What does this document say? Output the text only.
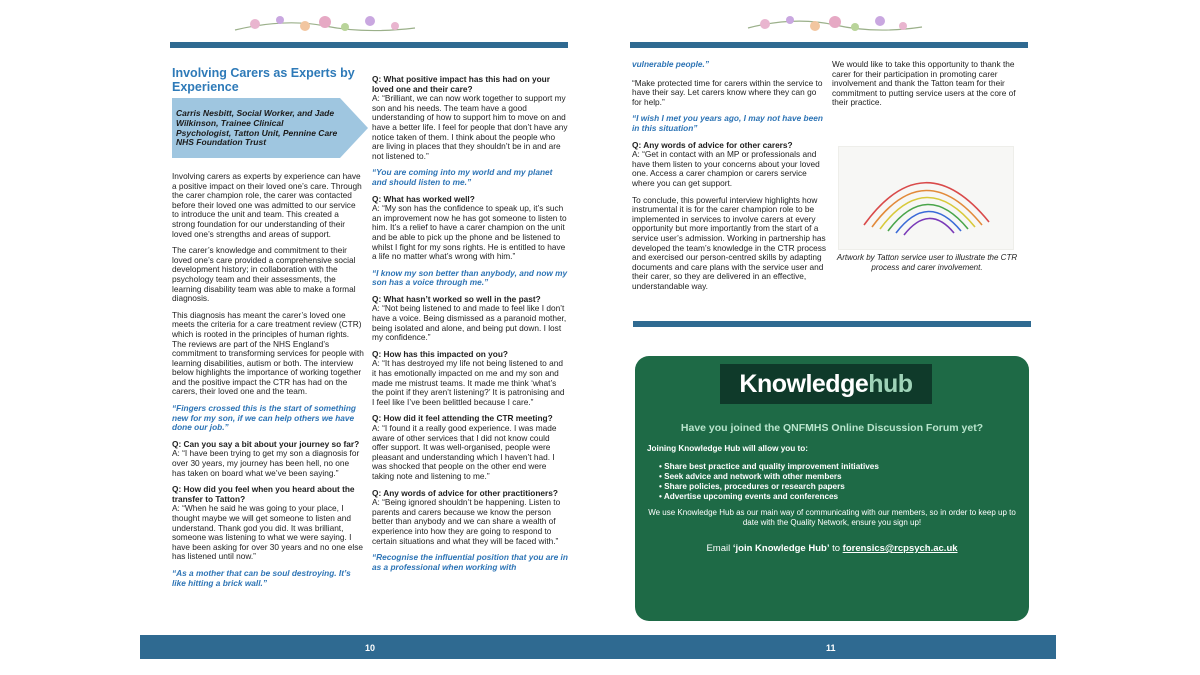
Involving Carers as Experts by Experience
Carris Nesbitt, Social Worker, and Jade Wilkinson, Trainee Clinical Psychologist, Tatton Unit, Pennine Care NHS Foundation Trust

Involving carers as experts by experience can have a positive impact on their loved one’s care. Through the carer champion role, the carer was contacted before their loved one was admitted to our service to introduce the unit and team. This created a strong foundation for our understanding of their loved one’s strengths and areas of support.

The carer’s knowledge and commitment to their loved one’s care provided a comprehensive social development history; in collaboration with the psychology team and their assessments, the learning disability team was able to make a formal diagnosis.

This diagnosis has meant the carer’s loved one meets the criteria for a care treatment review (CTR) which is rooted in the principles of human rights. The reviews are part of the NHS England’s commitment to transforming services for people with learning disabilities, autism or both. The interview below highlights the importance of working together and the positive impact the CTR has had on the carers, their loved one and the team.

“Fingers crossed this is the start of something new for my son, if we can help others we have done our job.”
Q: Can you say a bit about your journey so far?

A: “I have been trying to get my son a diagnosis for over 30 years, my journey has been hell, no one has taken on board what we’ve been saying.”

Q: How did you feel when you heard about the transfer to Tatton?

A: “When he said he was going to your place, I thought maybe we will get someone to listen and understand. Thank god you did. It was brilliant, someone was listening to what we were saying. I have been asking for over 30 years and no one else has listened until now.”

“As a mother that can be soul destroying. It’s like hitting a brick wall.”
Q: What positive impact has this had on your loved one and their care?

A: “Brilliant, we can now work together to support my son and his needs. The team have a good understanding of how to support him to move on and have a better life. I feel for people that don’t have any notice taken of them. I think about the people who are living in places that they shouldn’t be in and are not listened to.”

“You are coming into my world and my planet and should listen to me.”
Q: What has worked well?

A: “My son has the confidence to speak up, it’s such an improvement now he has got someone to listen to him. It’s a relief to have a carer champion on the unit and be able to pick up the phone and be listened to whilst I fight for my sons rights. He is entitled to have a life no matter what’s wrong with him.”

“I know my son better than anybody, and now my son has a voice through me.”
Q: What hasn’t worked so well in the past?

A: “Not being listened to and made to feel like I don’t have a voice. Being dismissed as a paranoid mother, being isolated and alone, and being put down. I lost my confidence.”

Q: How has this impacted on you?

A: “It has destroyed my life not being listened to and it has emotionally impacted on me and my son and made me mistrust teams. It made me think ‘what’s the point if they aren’t listening?’ It is patronising and I feel like I’ve been belittled because I care.”

Q: How did it feel attending the CTR meeting?

A: “I found it a really good experience. I was made aware of other services that I did not know could offer support. It was well-organised, people were pleasant and understanding which I haven’t had. I was shocked that people on the other end were taking note and listening to me.”

Q: Any words of advice for other practitioners?

A: “Being ignored shouldn’t be happening. Listen to parents and carers because we know the person better than anybody and we can share a wealth of experience into how they are going to respond to certain situations and what they will be faced with.”

“Recognise the influential position that you are in as a professional when working with
10
vulnerable people.”

“Make protected time for carers within the service to have their say. Let carers know where they can go for help.”

“I wish I met you years ago, I may not have been in this situation”
Q: Any words of advice for other carers?

A: “Get in contact with an MP or professionals and have them listen to your concerns about your loved one. Access a carer champion or carers service where you can get support.

To conclude, this powerful interview highlights how instrumental it is for the carer champion role to be implemented in services to involve carers at every opportunity but more importantly from the start of a service user’s admission. Working in partnership has developed the team’s knowledge in the CTR process and exercised our person-centred skills by adapting documents and care plans with the service user and their carer, so they are delivered in an effective, understandable way.

We would like to take this opportunity to thank the carer for their participation in promoting carer involvement and thank the Tatton team for their commitment to putting service users at the core of their practice.

Artwork by Tatton service user to illustrate the CTR process and carer involvement.
Knowledgehub
Have you joined the QNFMHS Online Discussion Forum yet?
Joining Knowledge Hub will allow you to:
• Share best practice and quality improvement initiatives
• Seek advice and network with other members
• Share policies, procedures or research papers
• Advertise upcoming events and conferences
We use Knowledge Hub as our main way of communicating with our members, so in order to keep up to date with the Quality Network, ensure you sign up!
Email ‘join Knowledge Hub’ to forensics@rcpsych.ac.uk
11
